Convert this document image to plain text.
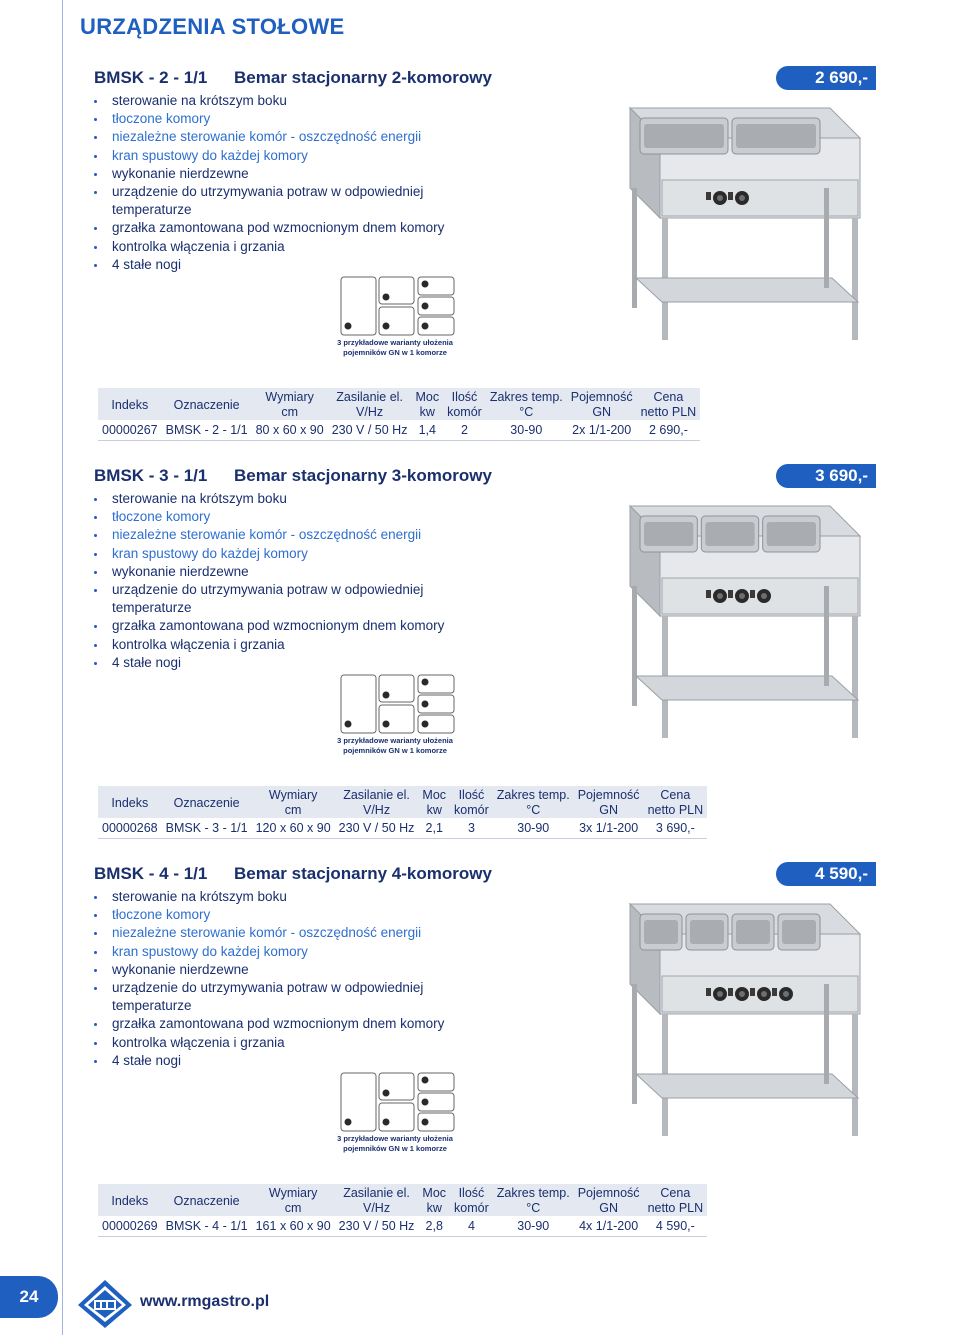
URZĄDZENIA STOŁOWE
BMSK - 2 - 1/1 Bemar stacjonarny 2-komorowy	2 690,-
sterowanie na krótszym boku
tłoczone komory
niezależne sterowanie komór - oszczędność energii
kran spustowy do każdej komory
wykonanie nierdzewne
urządzenie do utrzymywania potraw w odpowiedniej
temperaturze
grzałka zamontowana pod wzmocnionym dnem komory
kontrolka włączenia i grzania
4 stałe nogi
3 przykładowe warianty ułożenia
pojemników GN w 1 komorze
Indeks	Oznaczenie	Wymiary	Zasilanie el.	Moc	Ilość	Zakres temp.	Pojemność	Cena
		cm	V/Hz	kw	komór	°C	GN	netto PLN
00000267	BMSK - 2 - 1/1	80 x 60 x 90	230 V / 50 Hz	1,4	2	30-90	2x 1/1-200	2 690,-
BMSK - 3 - 1/1 Bemar stacjonarny 3-komorowy	3 690,-
sterowanie na krótszym boku
tłoczone komory
niezależne sterowanie komór - oszczędność energii
kran spustowy do każdej komory
wykonanie nierdzewne
urządzenie do utrzymywania potraw w odpowiedniej
temperaturze
grzałka zamontowana pod wzmocnionym dnem komory
kontrolka włączenia i grzania
4 stałe nogi
3 przykładowe warianty ułożenia
pojemników GN w 1 komorze
Indeks	Oznaczenie	Wymiary	Zasilanie el.	Moc	Ilość	Zakres temp.	Pojemność	Cena
		cm	V/Hz	kw	komór	°C	GN	netto PLN
00000268	BMSK - 3 - 1/1	120 x 60 x 90	230 V / 50 Hz	2,1	3	30-90	3x 1/1-200	3 690,-
BMSK - 4 - 1/1 Bemar stacjonarny 4-komorowy	4 590,-
sterowanie na krótszym boku
tłoczone komory
niezależne sterowanie komór - oszczędność energii
kran spustowy do każdej komory
wykonanie nierdzewne
urządzenie do utrzymywania potraw w odpowiedniej
temperaturze
grzałka zamontowana pod wzmocnionym dnem komory
kontrolka włączenia i grzania
4 stałe nogi
3 przykładowe warianty ułożenia
pojemników GN w 1 komorze
Indeks	Oznaczenie	Wymiary	Zasilanie el.	Moc	Ilość	Zakres temp.	Pojemność	Cena
		cm	V/Hz	kw	komór	°C	GN	netto PLN
00000269	BMSK - 4 - 1/1	161 x 60 x 90	230 V / 50 Hz	2,8	4	30-90	4x 1/1-200	4 590,-
24	www.rmgastro.pl
